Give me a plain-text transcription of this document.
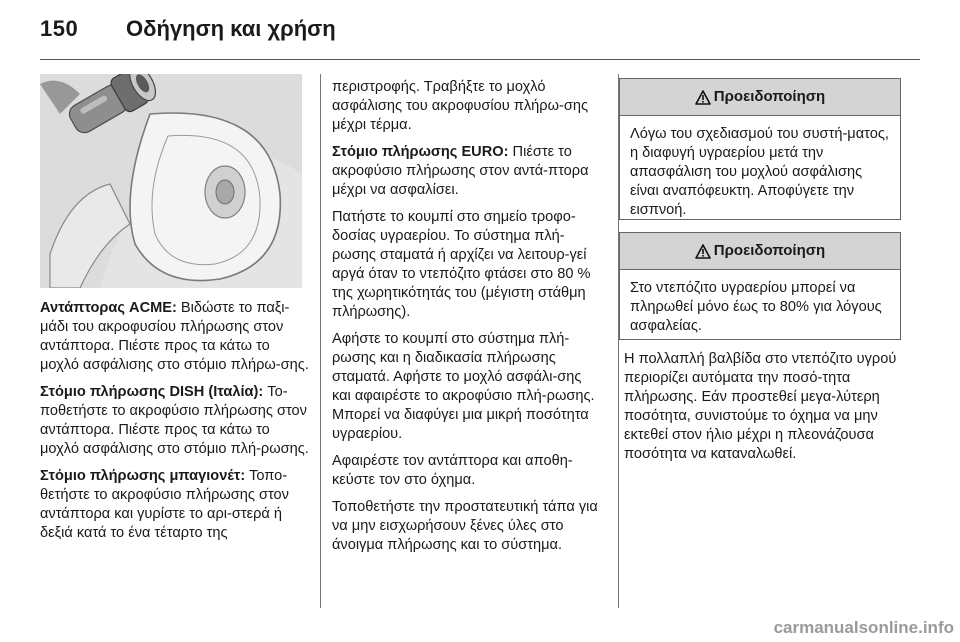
150 Οδήγηση και χρήση

Αντάπτορας ACME: Βιδώστε το παξι-μάδι του ακροφυσίου πλήρωσης στον αντάπτορα. Πιέστε προς τα κάτω το μοχλό ασφάλισης στο στόμιο πλήρω-σης.

Στόμιο πλήρωσης DISH (Ιταλία): Το-ποθετήστε το ακροφύσιο πλήρωσης στον αντάπτορα. Πιέστε προς τα κάτω το μοχλό ασφάλισης στο στόμιο πλή-ρωσης.

Στόμιο πλήρωσης μπαγιονέτ: Τοπο-θετήστε το ακροφύσιο πλήρωσης στον αντάπτορα και γυρίστε το αρι-στερά ή δεξιά κατά το ένα τέταρτο της

περιστροφής. Τραβήξτε το μοχλό ασφάλισης του ακροφυσίου πλήρω-σης μέχρι τέρμα.

Στόμιο πλήρωσης EURO: Πιέστε το ακροφύσιο πλήρωσης στον αντά-πτορα μέχρι να ασφαλίσει.

Πατήστε το κουμπί στο σημείο τροφο-δοσίας υγραερίου. Το σύστημα πλή-ρωσης σταματά ή αρχίζει να λειτουρ-γεί αργά όταν το ντεπόζιτο φτάσει στο 80 % της χωρητικότητάς του (μέγιστη στάθμη πλήρωσης).

Αφήστε το κουμπί στο σύστημα πλή-ρωσης και η διαδικασία πλήρωσης σταματά. Αφήστε το μοχλό ασφάλι-σης και αφαιρέστε το ακροφύσιο πλή-ρωσης. Μπορεί να διαφύγει μια μικρή ποσότητα υγραερίου.

Αφαιρέστε τον αντάπτορα και αποθη-κεύστε τον στο όχημα.

Τοποθετήστε την προστατευτική τάπα για να μην εισχωρήσουν ξένες ύλες στο άνοιγμα πλήρωσης και το σύστημα.

Προειδοποίηση
Λόγω του σχεδιασμού του συστή-ματος, η διαφυγή υγραερίου μετά την απασφάλιση του μοχλού ασφάλισης είναι αναπόφευκτη. Αποφύγετε την εισπνοή.
Προειδοποίηση
Στο ντεπόζιτο υγραερίου μπορεί να πληρωθεί μόνο έως το 80% για λόγους ασφαλείας.

Η πολλαπλή βαλβίδα στο ντεπόζιτο υγρού περιορίζει αυτόματα την ποσό-τητα πλήρωσης. Εάν προστεθεί μεγα-λύτερη ποσότητα, συνιστούμε το όχημα να μην εκτεθεί στον ήλιο μέχρι η πλεονάζουσα ποσότητα να καταναλωθεί.

carmanualsonline.info
